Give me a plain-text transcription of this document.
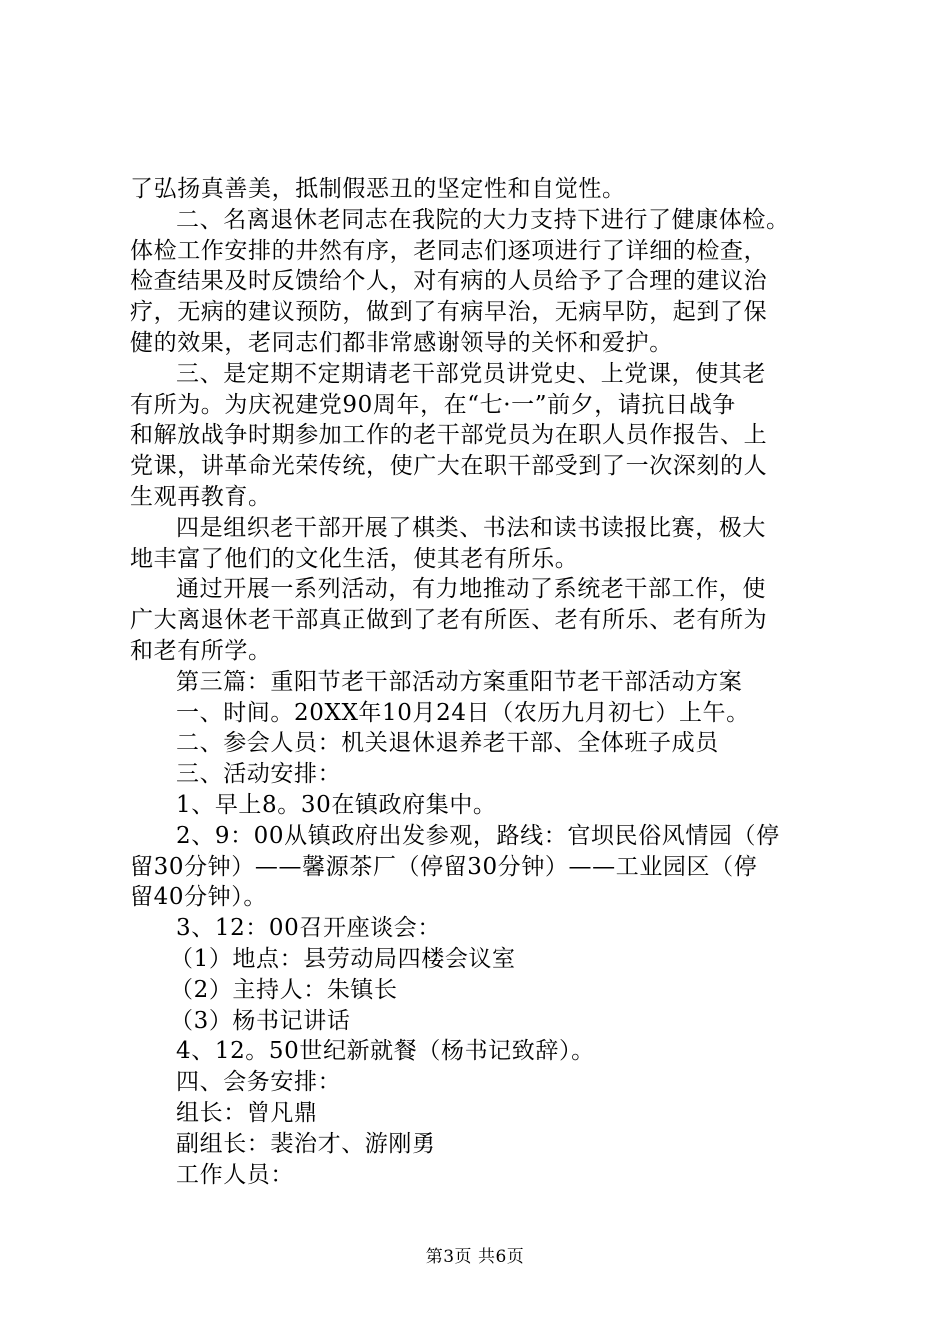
了弘扬真善美，抵制假恶丑的坚定性和自觉性。
二、名离退休老同志在我院的大力支持下进行了健康体检。
体检工作安排的井然有序，老同志们逐项进行了详细的检查，
检查结果及时反馈给个人，对有病的人员给予了合理的建议治
疗，无病的建议预防，做到了有病早治，无病早防，起到了保
健的效果，老同志们都非常感谢领导的关怀和爱护。
三、是定期不定期请老干部党员讲党史、上党课，使其老
有所为。为庆祝建党90周年，在“七·一”前夕，请抗日战争
和解放战争时期参加工作的老干部党员为在职人员作报告、上
党课，讲革命光荣传统，使广大在职干部受到了一次深刻的人
生观再教育。
四是组织老干部开展了棋类、书法和读书读报比赛，极大
地丰富了他们的文化生活，使其老有所乐。
通过开展一系列活动，有力地推动了系统老干部工作，使
广大离退休老干部真正做到了老有所医、老有所乐、老有所为
和老有所学。
第三篇：重阳节老干部活动方案重阳节老干部活动方案
一、时间。20XX年10月24日（农历九月初七）上午。
二、参会人员：机关退休退养老干部、全体班子成员
三、活动安排：
1、早上8。30在镇政府集中。
2、9：00从镇政府出发参观，路线：官坝民俗风情园（停
留30分钟）——馨源茶厂（停留30分钟）——工业园区（停
留40分钟）。
3、12：00召开座谈会：
（1）地点：县劳动局四楼会议室
（2）主持人：朱镇长
（3）杨书记讲话
4、12。50世纪新就餐（杨书记致辞）。
四、会务安排：
组长：曾凡鼎
副组长：裴治才、游刚勇
工作人员：
第3页 共6页
